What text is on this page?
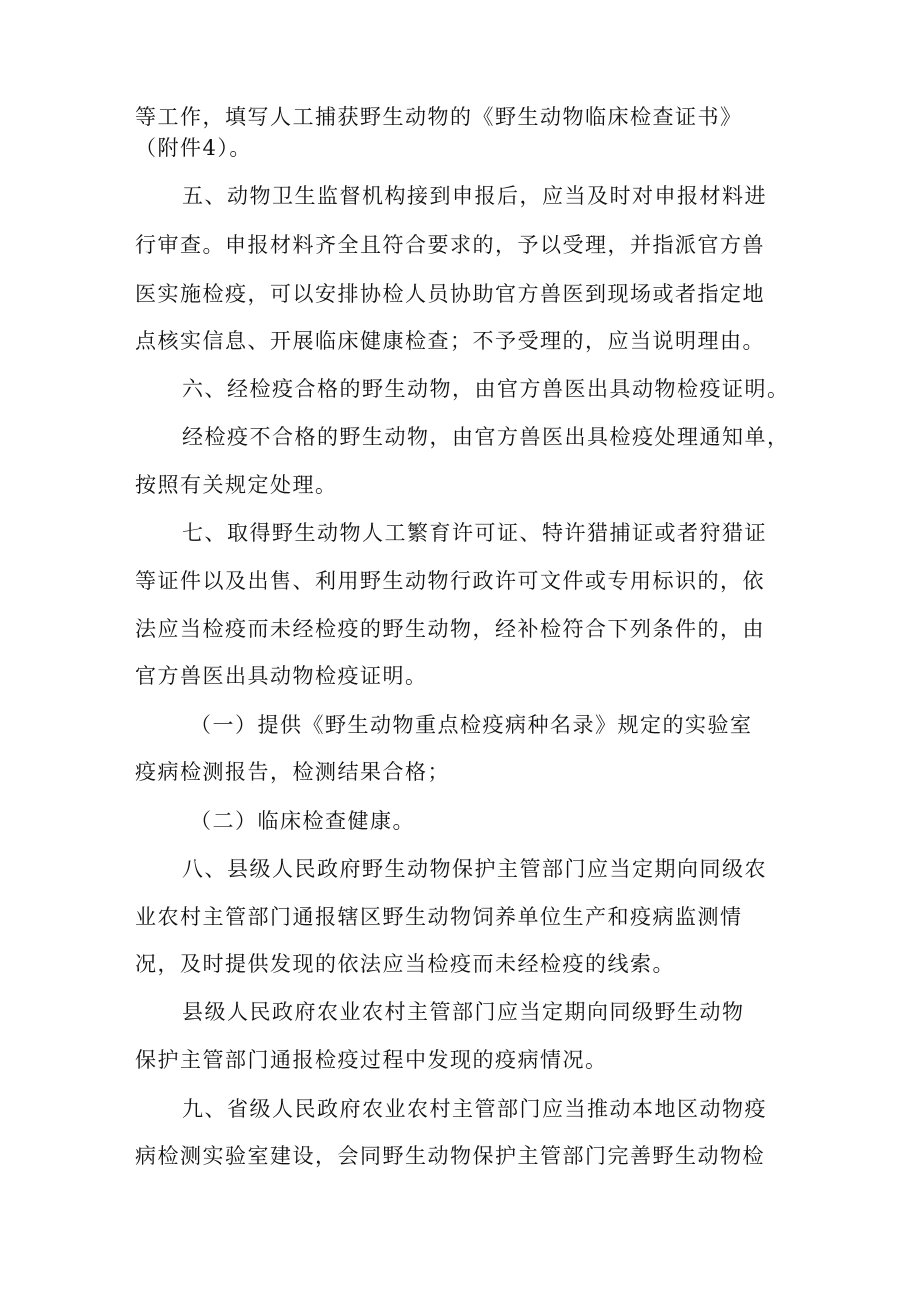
等工作，填写人工捕获野生动物的《野生动物临床检查证书》
（附件4）。
五、动物卫生监督机构接到申报后，应当及时对申报材料进
行审查。申报材料齐全且符合要求的，予以受理，并指派官方兽
医实施检疫，可以安排协检人员协助官方兽医到现场或者指定地
点核实信息、开展临床健康检查；不予受理的，应当说明理由。
六、经检疫合格的野生动物，由官方兽医出具动物检疫证明。
经检疫不合格的野生动物，由官方兽医出具检疫处理通知单，
按照有关规定处理。
七、取得野生动物人工繁育许可证、特许猎捕证或者狩猎证
等证件以及出售、利用野生动物行政许可文件或专用标识的，依
法应当检疫而未经检疫的野生动物，经补检符合下列条件的，由
官方兽医出具动物检疫证明。
（一）提供《野生动物重点检疫病种名录》规定的实验室
疫病检测报告，检测结果合格；
（二）临床检查健康。
八、县级人民政府野生动物保护主管部门应当定期向同级农
业农村主管部门通报辖区野生动物饲养单位生产和疫病监测情
况，及时提供发现的依法应当检疫而未经检疫的线索。
县级人民政府农业农村主管部门应当定期向同级野生动物
保护主管部门通报检疫过程中发现的疫病情况。
九、省级人民政府农业农村主管部门应当推动本地区动物疫
病检测实验室建设，会同野生动物保护主管部门完善野生动物检
